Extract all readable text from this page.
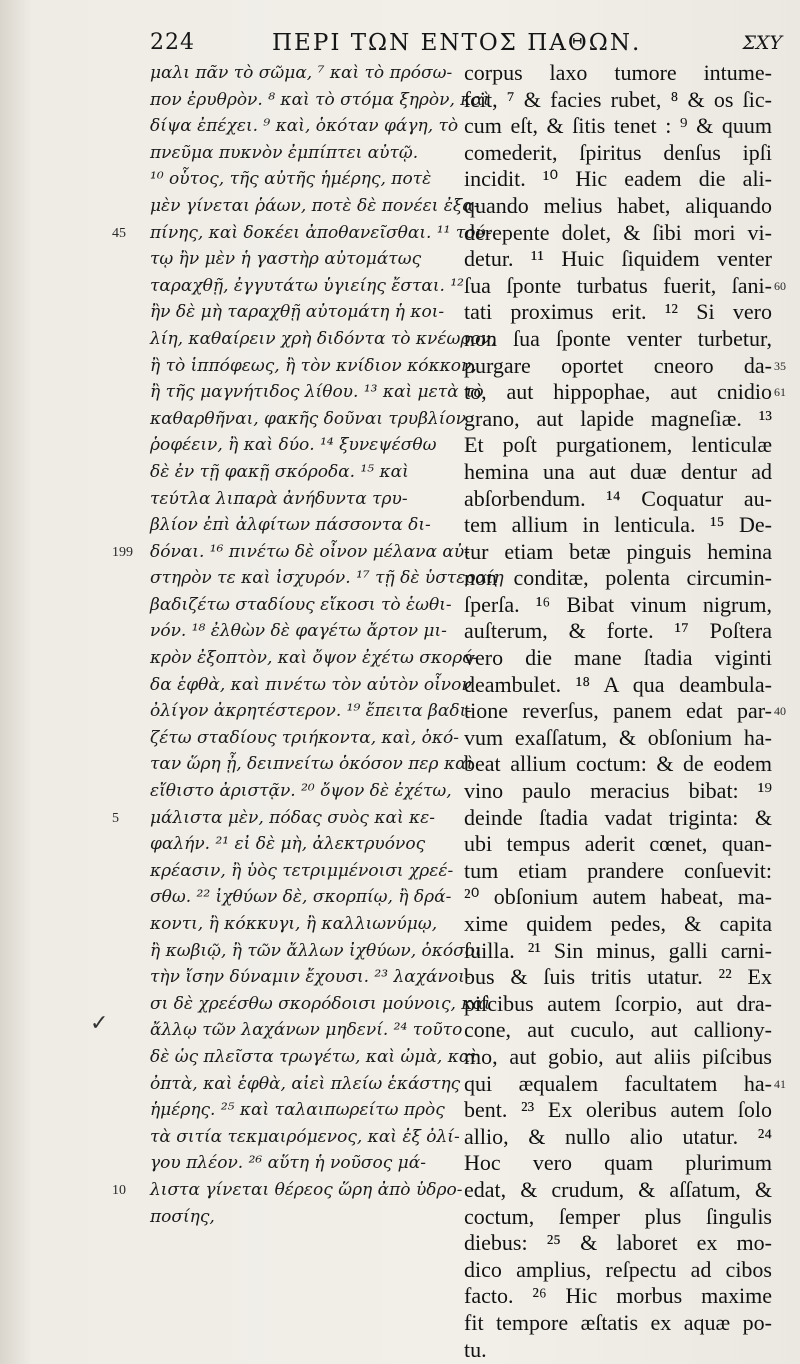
224	ΠΕΡΙ ΤΩΝ ΕΝΤΟΣ ΠΑΘΩΝ.	ΣΧΥ
μαλι πᾶν τὸ σῶμα, ⁷ καὶ τὸ πρόσω-
πον ἐρυθρὸν. ⁸ καὶ τὸ στόμα ξηρὸν, καὶ
δίψα ἐπέχει. ⁹ καὶ, ὁκόταν φάγη, τὸ
πνεῦμα πυκνὸν ἐμπίπτει αὐτῷ.
¹⁰ οὗτος, τῆς αὐτῆς ἡμέρης, ποτὲ
μὲν γίνεται ῥάων, ποτὲ δὲ πονέει ἐξα-
πίνης, καὶ δοκέει ἀποθανεῖσθαι. ¹¹ τού-
τῳ ἢν μὲν ἡ γαστὴρ αὐτομάτως
ταραχθῇ, ἐγγυτάτω ὑγιείης ἔσται. ¹²
ἢν δὲ μὴ ταραχθῇ αὐτομάτη ἡ κοι-
λίη, καθαίρειν χρὴ διδόντα τὸ κνέωρον,
ἢ τὸ ἱππόφεως, ἢ τὸν κνίδιον κόκκον,
ἢ τῆς μαγνήτιδος λίθου. ¹³ καὶ μετὰ τὸ
καθαρθῆναι, φακῆς δοῦναι τρυβλίον
ῥοφέειν, ἢ καὶ δύο. ¹⁴ ξυνεψέσθω
δὲ ἐν τῇ φακῇ σκόροδα. ¹⁵ καὶ
τεύτλα λιπαρὰ ἀνήδυντα τρυ-
βλίον ἐπὶ ἀλφίτων πάσσοντα δι-
δόναι. ¹⁶ πινέτω δὲ οἶνον μέλανα αὐ-
στηρὸν τε καὶ ἰσχυρόν. ¹⁷ τῇ δὲ ὑστεραίῃ
βαδιζέτω σταδίους εἴκοσι τὸ ἑωθι-
νόν. ¹⁸ ἐλθὼν δὲ φαγέτω ἄρτον μι-
κρὸν ἐξοπτὸν, καὶ ὄψον ἐχέτω σκορό-
δα ἑφθὰ, καὶ πινέτω τὸν αὐτὸν οἶνον
ὀλίγον ἀκρητέστερον. ¹⁹ ἔπειτα βαδι-
ζέτω σταδίους τριήκοντα, καὶ, ὁκό-
ταν ὥρη ᾖ, δειπνείτω ὁκόσον περ καὶ
εἴθιστο ἀριστᾷν. ²⁰ ὄψον δὲ ἐχέτω,
μάλιστα μὲν, πόδας συὸς καὶ κε-
φαλήν. ²¹ εἰ δὲ μὴ, ἀλεκτρυόνος
κρέασιν, ἢ ὑὸς τετριμμένοισι χρεέ-
σθω. ²² ἰχθύων δὲ, σκορπίῳ, ἢ δρά-
κοντι, ἢ κόκκυγι, ἢ καλλιωνύμῳ,
ἢ κωβιῷ, ἢ τῶν ἄλλων ἰχθύων, ὁκόσοι
τὴν ἴσην δύναμιν ἔχουσι. ²³ λαχάνοι-
σι δὲ χρεέσθω σκορόδοισι μούνοις, καὶ
ἄλλῳ τῶν λαχάνων μηδενί. ²⁴ τοῦτο
δὲ ὡς πλεῖστα τρωγέτω, καὶ ὠμὰ, καὶ
ὀπτὰ, καὶ ἑφθὰ, αἰεὶ πλείω ἑκάστης
ἡμέρης. ²⁵ καὶ ταλαιπωρείτω πρὸς
τὰ σιτία τεκμαιρόμενος, καὶ ἐξ ὀλί-
γου πλέον. ²⁶ αὕτη ἡ νοῦσος μά-
λιστα γίνεται θέρεος ὥρη ἀπὸ ὑδρο-
ποσίης,
corpus laxo tumore intume-
ſcit, ⁷ & facies rubet, ⁸ & os ſic-
cum eſt, & ſitis tenet : ⁹ & quum
comederit, ſpiritus denſus ipſi
incidit. ¹⁰ Hic eadem die ali-
quando melius habet, aliquando
derepente dolet, & ſibi mori vi-
detur. ¹¹ Huic ſiquidem venter
ſua ſponte turbatus fuerit, ſani-
tati proximus erit. ¹² Si vero
non ſua ſponte venter turbetur,
purgare oportet cneoro da-
to, aut hippophae, aut cnidio
grano, aut lapide magneſiæ. ¹³
Et poſt purgationem, lenticulæ
hemina una aut duæ dentur ad
abſorbendum. ¹⁴ Coquatur au-
tem allium in lenticula. ¹⁵ De-
tur etiam betæ pinguis hemina
non conditæ, polenta circumin-
ſperſa. ¹⁶ Bibat vinum nigrum,
auſterum, & forte. ¹⁷ Poſtera
vero die mane ſtadia viginti
deambulet. ¹⁸ A qua deambula-
tione reverſus, panem edat par-
vum exaſſatum, & obſonium ha-
beat allium coctum: & de eodem
vino paulo meracius bibat: ¹⁹
deinde ſtadia vadat triginta: &
ubi tempus aderit cœnet, quan-
tum etiam prandere conſuevit:
²⁰ obſonium autem habeat, ma-
xime quidem pedes, & capita
ſuilla. ²¹ Sin minus, galli carni-
bus & ſuis tritis utatur. ²² Ex
piſcibus autem ſcorpio, aut dra-
cone, aut cuculo, aut calliony-
mo, aut gobio, aut aliis piſcibus
qui æqualem facultatem ha-
bent. ²³ Ex oleribus autem ſolo
allio, & nullo alio utatur. ²⁴
Hoc vero quam plurimum
edat, & crudum, & aſſatum, &
coctum, ſemper plus ſingulis
diebus: ²⁵ & laboret ex mo-
dico amplius, reſpectu ad cibos
facto. ²⁶ Hic morbus maxime
fit tempore æſtatis ex aquæ po-
tu.
45
199
5
10
60
61
35
40
41
✓
